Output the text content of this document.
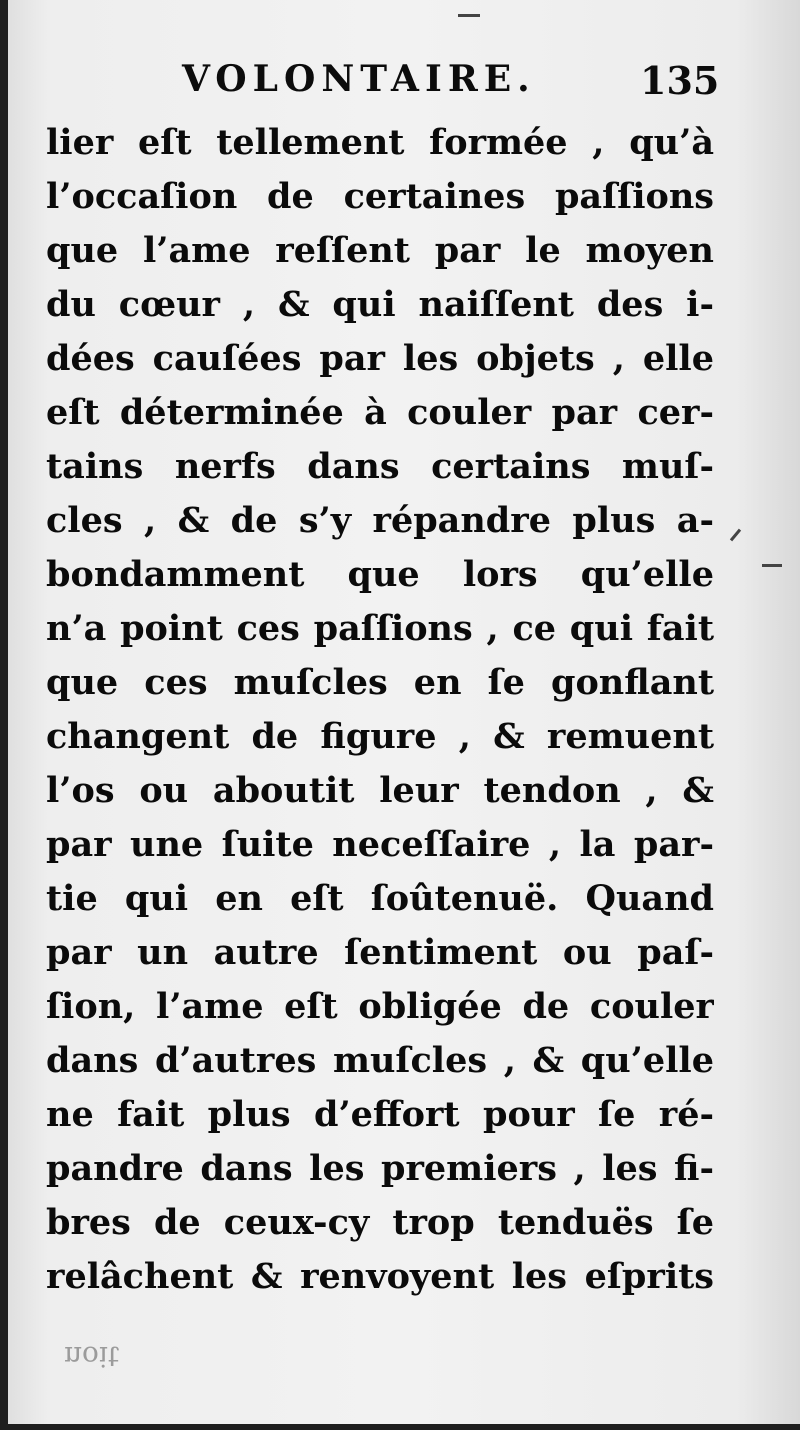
VOLONTAIRE.	135
lier eſt tellement formée , qu’à
l’occaſion de certaines paſſions
que l’ame reſſent par le moyen
du cœur , & qui naiſſent des i-
dées cauſées par les objets , elle
eſt déterminée à couler par cer-
tains nerfs dans certains muſ-
cles , & de s’y répandre plus a-
bondamment que lors qu’elle
n’a point ces paſſions , ce qui fait
que ces muſcles en ſe gonflant
changent de figure , & remuent
l’os ou aboutit leur tendon , &
par une ſuite neceſſaire , la par-
tie qui en eſt ſoûtenuë. Quand
par un autre ſentiment ou paſ-
ſion, l’ame eſt obligée de couler
dans d’autres muſcles , & qu’elle
ne fait plus d’effort pour ſe ré-
pandre dans les premiers , les fi-
bres de ceux-cy trop tenduës ſe
relâchent & renvoyent les eſprits
noit
